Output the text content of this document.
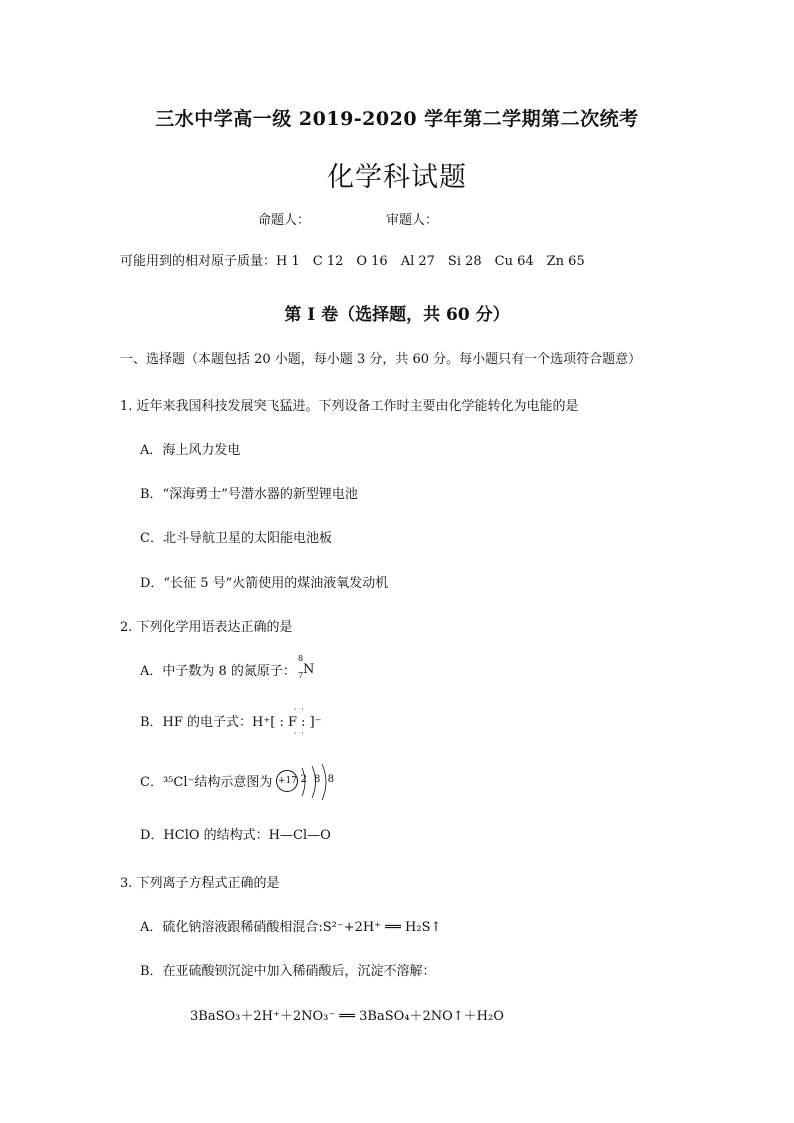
三水中学高一级 2019-2020 学年第二学期第二次统考
化学科试题
命题人：	审题人：
可能用到的相对原子质量：H 1　C 12　O 16　Al 27　Si 28　Cu 64　Zn 65
第 I 卷（选择题，共 60 分）
一、选择题（本题包括 20 小题，每小题 3 分，共 60 分。每小题只有一个选项符合题意）
1. 近年来我国科技发展突飞猛进。下列设备工作时主要由化学能转化为电能的是
A．海上风力发电
B．“深海勇士”号潜水器的新型锂电池
C．北斗导航卫星的太阳能电池板
D．“长征 5 号”火箭使用的煤油液氧发动机
2. 下列化学用语表达正确的是
A．中子数为 8 的氮原子：
8
7 N
B．HF 的电子式：
· ·
· ·
H⁺[ : F : ]⁻
C．³⁵Cl⁻结构示意图为 +17 2 8 8
D．HClO 的结构式：H—Cl—O
3. 下列离子方程式正确的是
A．硫化钠溶液跟稀硝酸相混合:S²⁻+2H⁺ ══ H₂S↑
B．在亚硫酸钡沉淀中加入稀硝酸后，沉淀不溶解：
3BaSO₃＋2H⁺＋2NO₃⁻ ══ 3BaSO₄＋2NO↑＋H₂O
